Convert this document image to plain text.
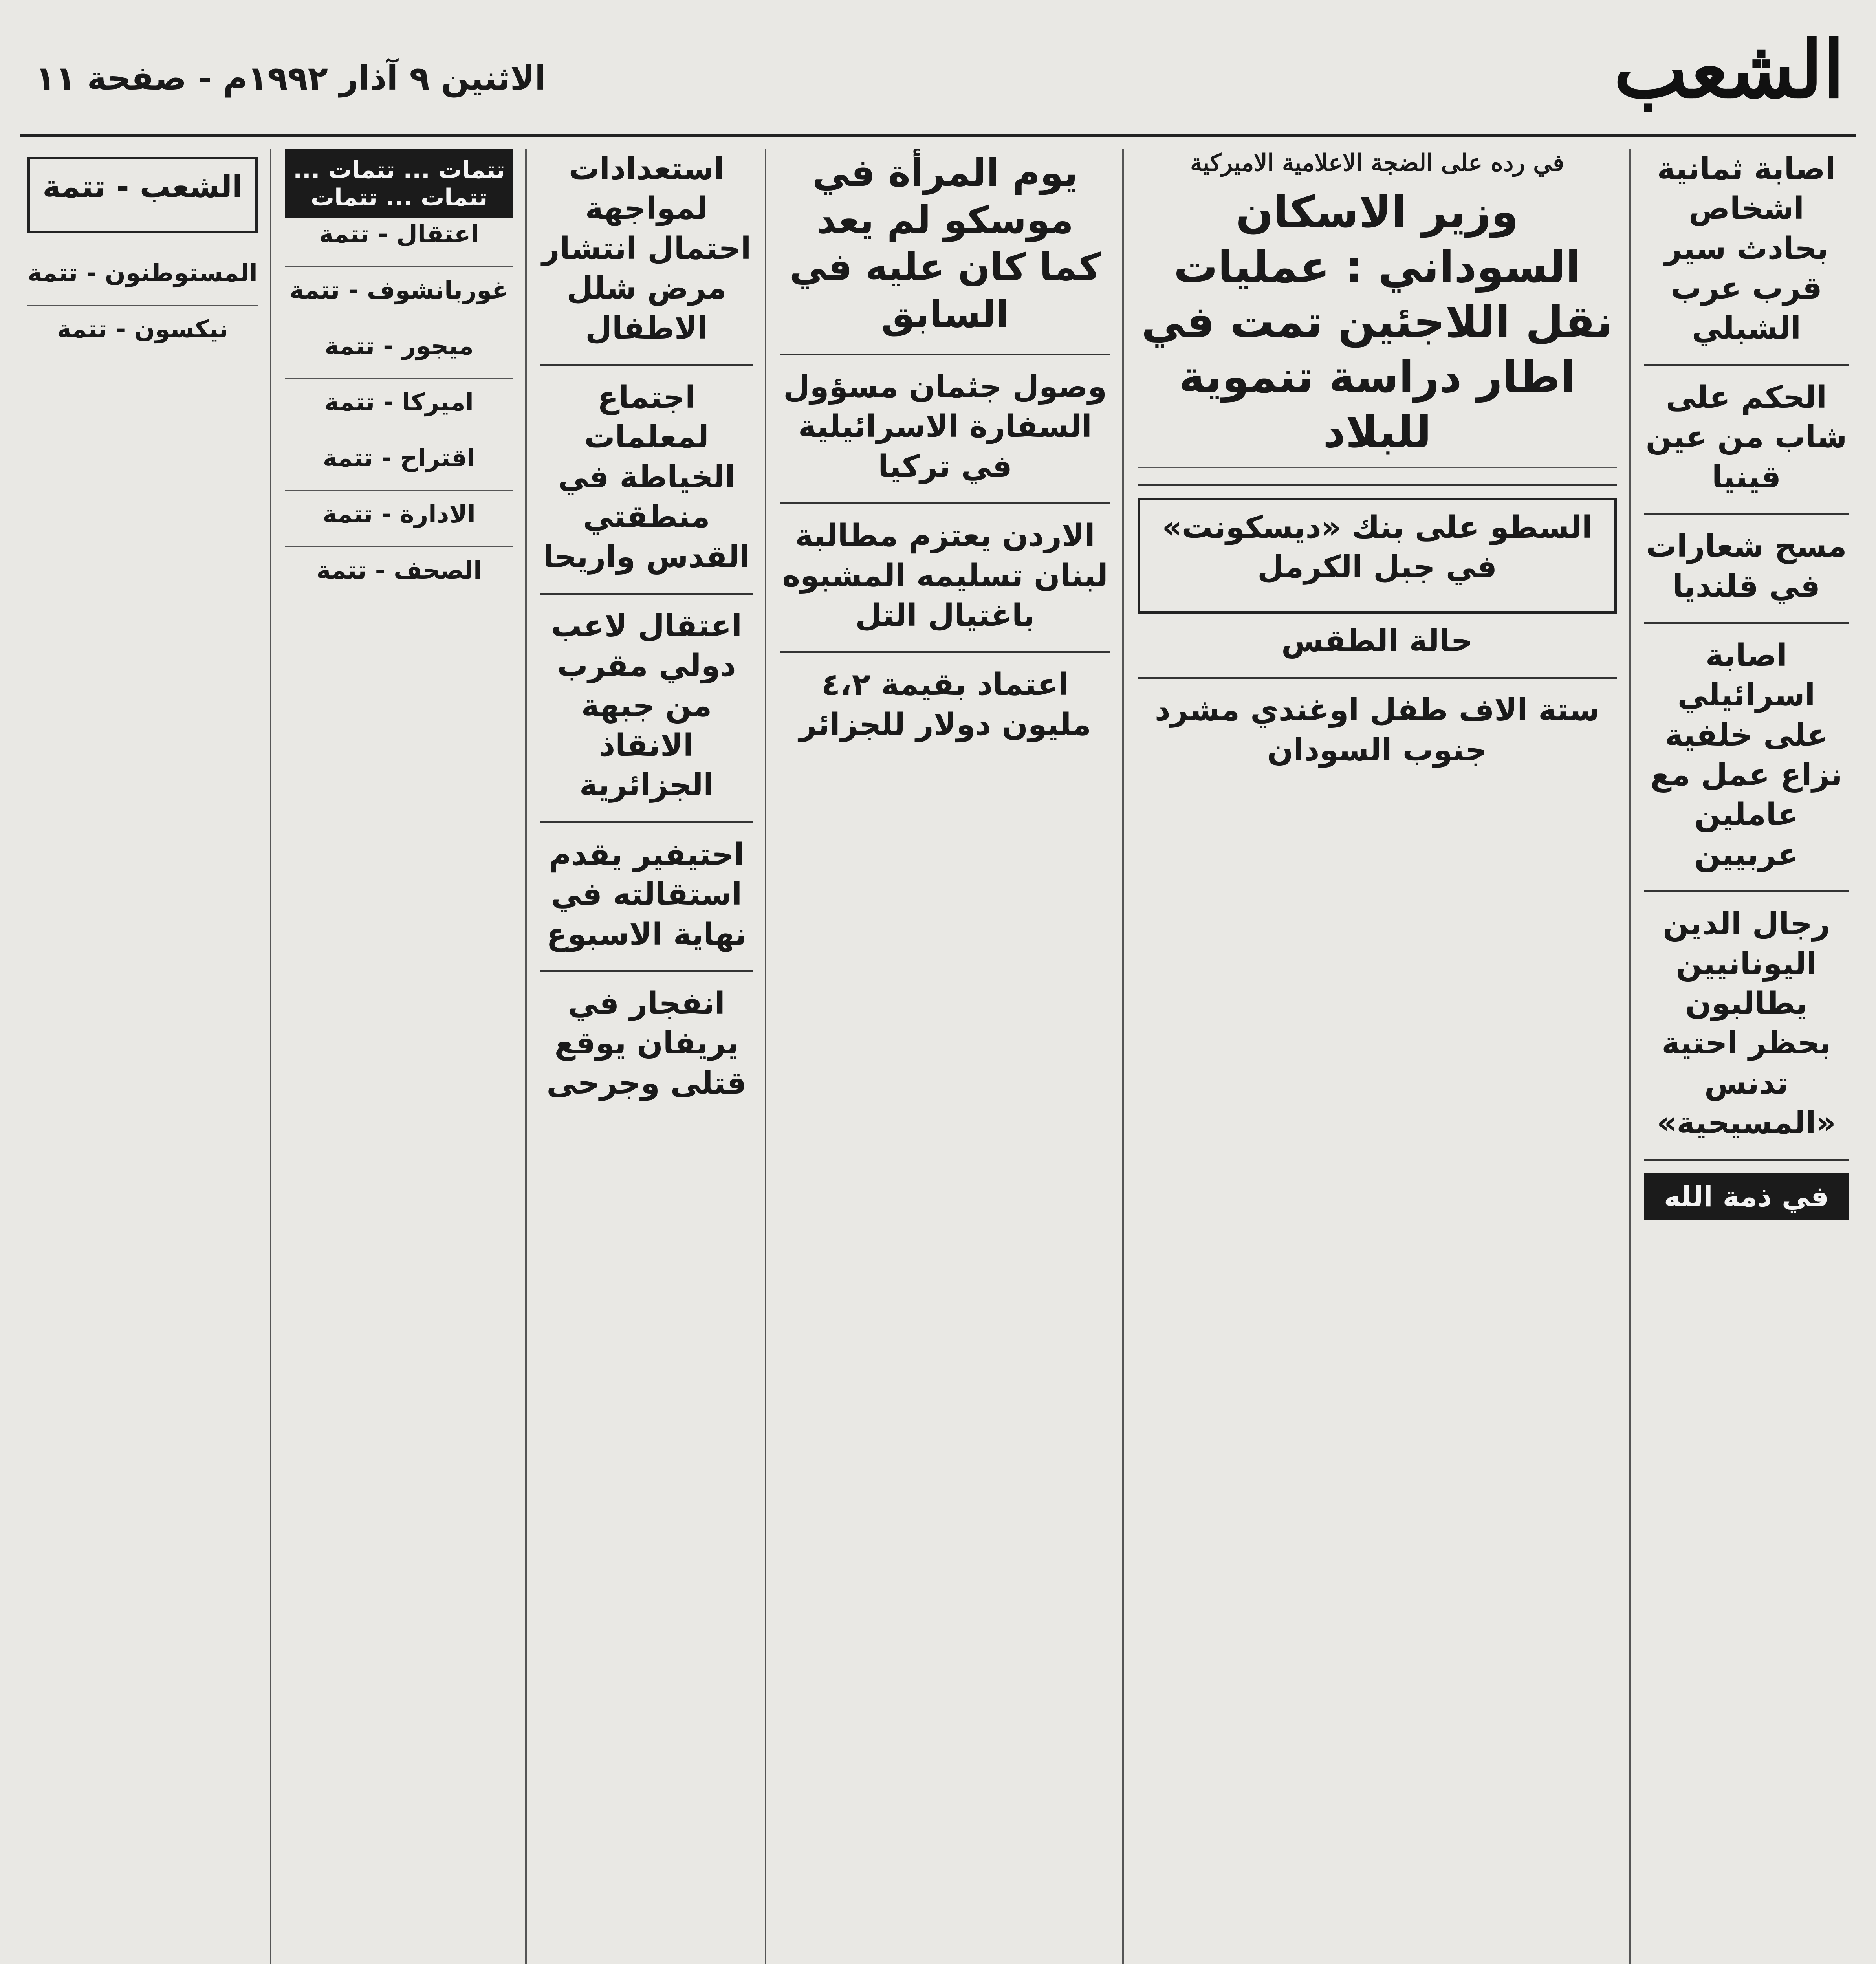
الشعب
الاثنين ٩ آذار ١٩٩٢م - صفحة ١١
اصابة ثمانية اشخاص بحادث سير قرب عرب الشبلي
الحكم على شاب من عين قينيا
مسح شعارات في قلنديا
اصابة اسرائيلي على خلفية نزاع عمل مع عاملين عربيين
رجال الدين اليونانيين يطالبون بحظر احتية تدنس «المسيحية»
في ذمة الله
في رده على الضجة الاعلامية الاميركية
وزير الاسكان السوداني : عمليات نقل اللاجئين تمت في اطار دراسة تنموية للبلاد
السطو على بنك «ديسكونت» في جبل الكرمل
حالة الطقس
ستة الاف طفل اوغندي مشرد جنوب السودان
يوم المرأة في موسكو لم يعد كما كان عليه في السابق
وصول جثمان مسؤول السفارة الاسرائيلية في تركيا
الاردن يعتزم مطالبة لبنان تسليمه المشبوه باغتيال التل
اعتماد بقيمة ٤،٢ مليون دولار للجزائر
استعدادات لمواجهة احتمال انتشار مرض شلل الاطفال
اجتماع لمعلمات الخياطة في منطقتي القدس واريحا
اعتقال لاعب دولي مقرب من جبهة الانقاذ الجزائرية
احتيفير يقدم استقالته في نهاية الاسبوع
انفجار في يريفان يوقع قتلى وجرحى
تتمات ... تتمات ... تتمات ... تتمات
اعتقال - تتمة
غوربانشوف - تتمة
ميجور - تتمة
اميركا - تتمة
اقتراح - تتمة
الادارة - تتمة
الصحف - تتمة
الشعب - تتمة
المستوطنون - تتمة
نيكسون - تتمة
